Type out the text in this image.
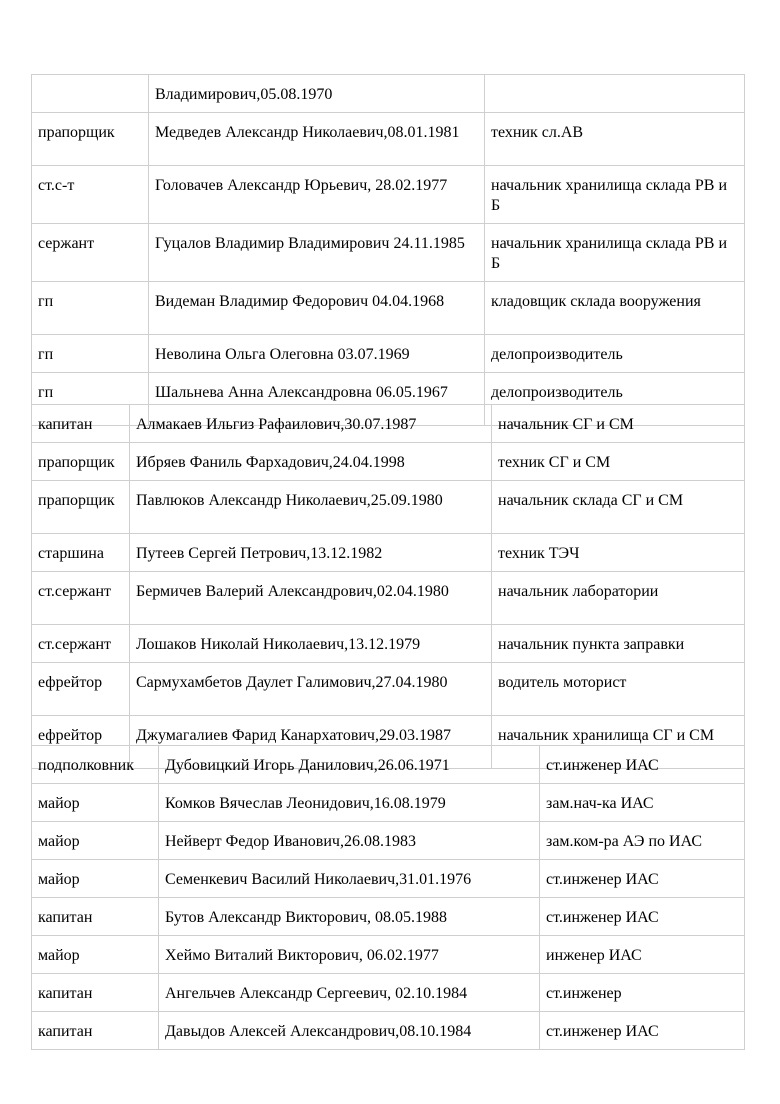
	Владимирович,05.08.1970	
прапорщик	Медведев Александр Николаевич,08.01.1981	техник сл.АВ
ст.с-т	Головачев Александр Юрьевич, 28.02.1977	начальник хранилища склада РВ и Б
сержант	Гуцалов Владимир Владимирович 24.11.1985	начальник хранилища склада РВ и Б
гп	Видеман Владимир Федорович 04.04.1968	кладовщик склада вооружения
гп	Неволина Ольга Олеговна 03.07.1969	делопроизводитель
гп	Шальнева Анна Александровна 06.05.1967	делопроизводитель
капитан	Алмакаев Ильгиз Рафаилович,30.07.1987	начальник СГ и СМ
прапорщик	Ибряев Фаниль Фархадович,24.04.1998	техник СГ и СМ
прапорщик	Павлюков Александр Николаевич,25.09.1980	начальник склада СГ и СМ
старшина	Путеев Сергей Петрович,13.12.1982	техник ТЭЧ
ст.сержант	Бермичев Валерий Александрович,02.04.1980	начальник лаборатории
ст.сержант	Лошаков Николай Николаевич,13.12.1979	начальник пункта заправки
ефрейтор	Сармухамбетов Даулет Галимович,27.04.1980	водитель моторист
ефрейтор	Джумагалиев Фарид Канархатович,29.03.1987	начальник хранилища СГ и СМ
подполковник	Дубовицкий Игорь Данилович,26.06.1971	ст.инженер ИАС
майор	Комков Вячеслав Леонидович,16.08.1979	зам.нач-ка ИАС
майор	Нейверт Федор Иванович,26.08.1983	зам.ком-ра АЭ по ИАС
майор	Семенкевич Василий Николаевич,31.01.1976	ст.инженер ИАС
капитан	Бутов Александр Викторович, 08.05.1988	ст.инженер ИАС
майор	Хеймо Виталий Викторович, 06.02.1977	инженер ИАС
капитан	Ангельчев Александр Сергеевич, 02.10.1984	ст.инженер
капитан	Давыдов Алексей Александрович,08.10.1984	ст.инженер ИАС
